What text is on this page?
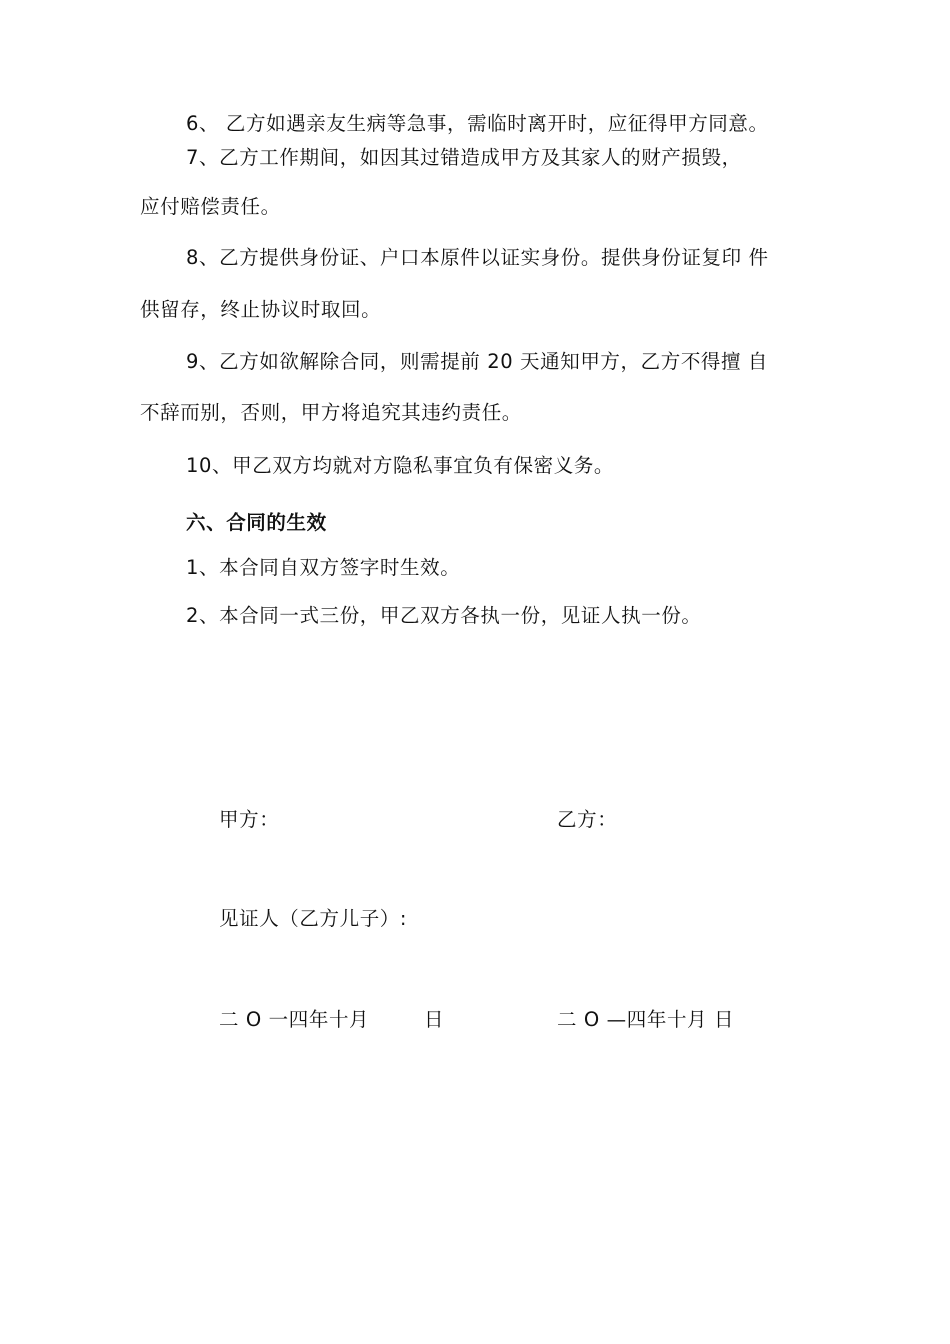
6、 乙方如遇亲友生病等急事，需临时离开时，应征得甲方同意。
7、乙方工作期间，如因其过错造成甲方及其家人的财产损毁，
应付赔偿责任。
8、乙方提供身份证、户口本原件以证实身份。提供身份证复印 件
供留存，终止协议时取回。
9、乙方如欲解除合同，则需提前 20 天通知甲方，乙方不得擅 自
不辞而别，否则，甲方将追究其违约责任。
10、甲乙双方均就对方隐私事宜负有保密义务。
六、合同的生效
1、本合同自双方签字时生效。
2、本合同一式三份，甲乙双方各执一份，见证人执一份。
甲方：	乙方：
见证人（乙方儿子）:
二 O 一四年十月	日	二 O —四年十月 日
